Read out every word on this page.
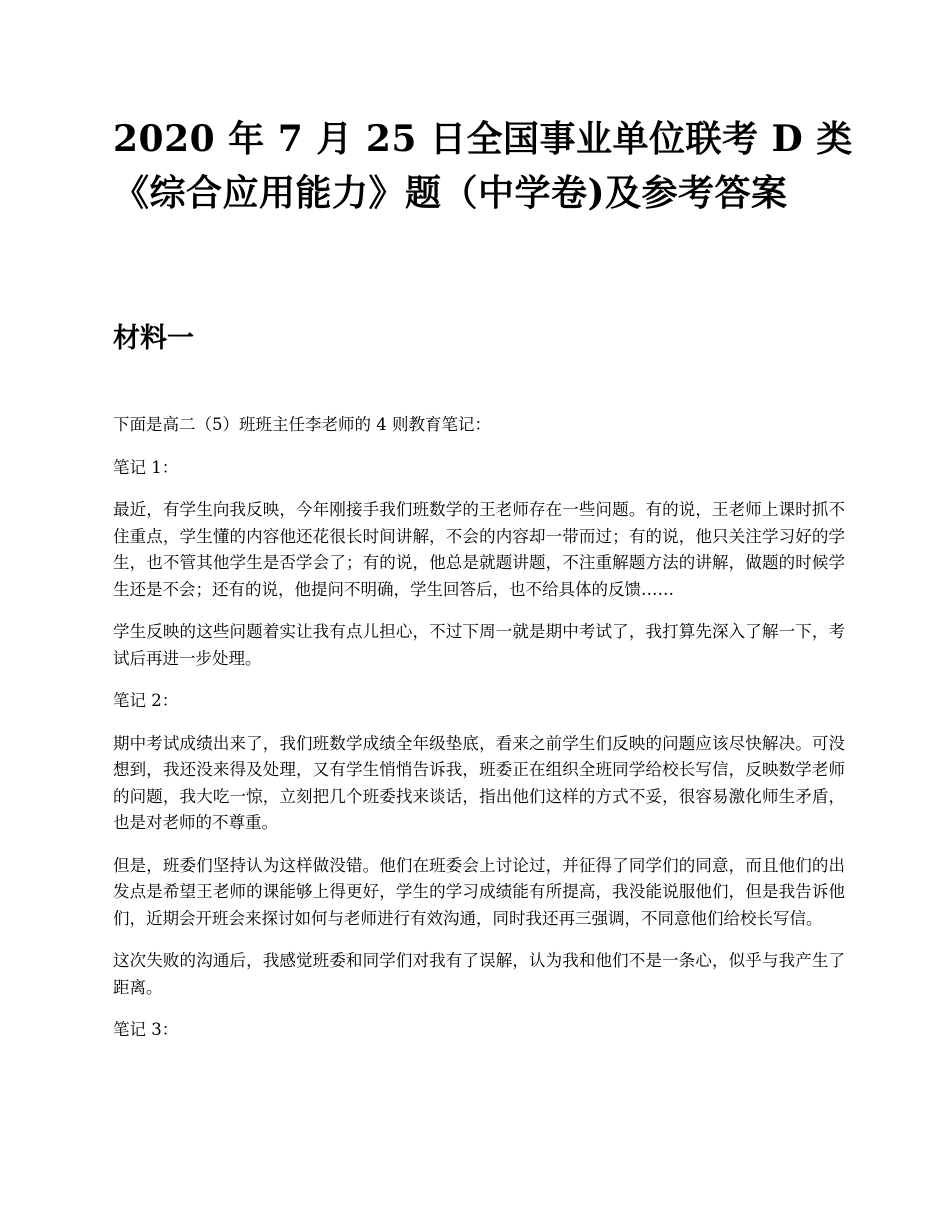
2020 年 7 月 25 日全国事业单位联考 D 类
《综合应用能力》题（中学卷)及参考答案
材料一

下面是高二（5）班班主任李老师的 4 则教育笔记：

笔记 1：

最近，有学生向我反映，今年刚接手我们班数学的王老师存在一些问题。有的说，王老师上课时抓不住重点，学生懂的内容他还花很长时间讲解，不会的内容却一带而过；有的说，他只关注学习好的学生，也不管其他学生是否学会了；有的说，他总是就题讲题，不注重解题方法的讲解，做题的时候学生还是不会；还有的说，他提问不明确，学生回答后，也不给具体的反馈……

学生反映的这些问题着实让我有点儿担心，不过下周一就是期中考试了，我打算先深入了解一下，考试后再进一步处理。

笔记 2：

期中考试成绩出来了，我们班数学成绩全年级垫底，看来之前学生们反映的问题应该尽快解决。可没想到，我还没来得及处理，又有学生悄悄告诉我，班委正在组织全班同学给校长写信，反映数学老师的问题，我大吃一惊，立刻把几个班委找来谈话，指出他们这样的方式不妥，很容易激化师生矛盾，也是对老师的不尊重。

但是，班委们坚持认为这样做没错。他们在班委会上讨论过，并征得了同学们的同意，而且他们的出发点是希望王老师的课能够上得更好，学生的学习成绩能有所提高，我没能说服他们，但是我告诉他们，近期会开班会来探讨如何与老师进行有效沟通，同时我还再三强调，不同意他们给校长写信。

这次失败的沟通后，我感觉班委和同学们对我有了误解，认为我和他们不是一条心，似乎与我产生了距离。

笔记 3：
